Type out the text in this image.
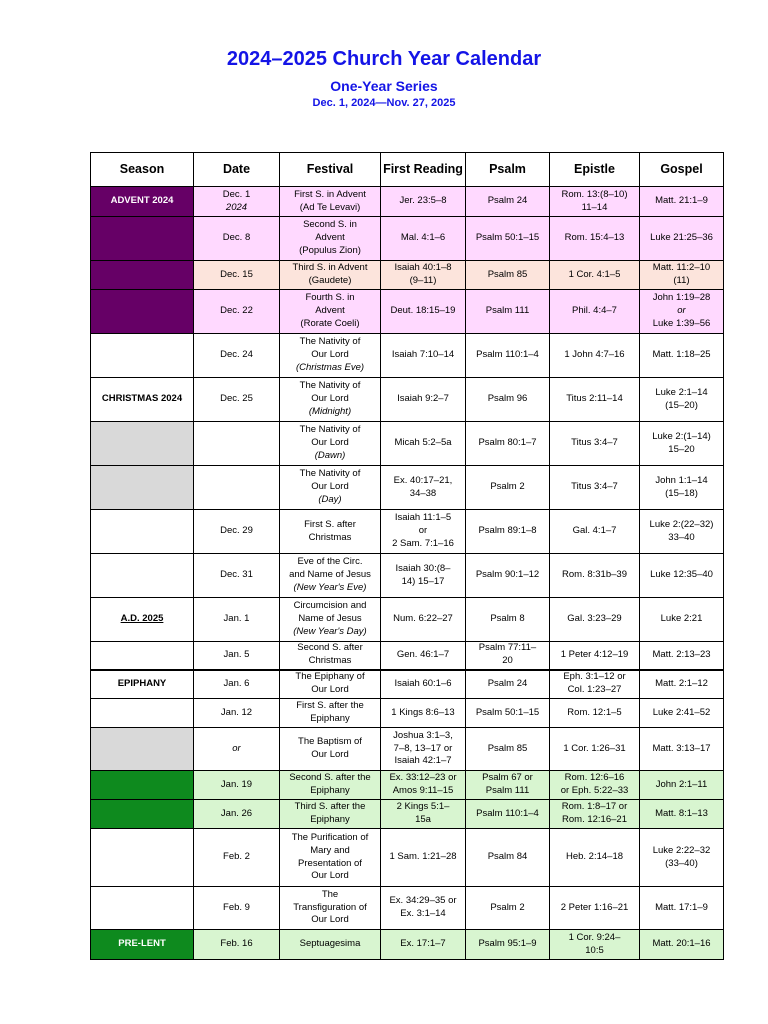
2024–2025 Church Year Calendar
One-Year Series
Dec. 1, 2024—Nov. 27, 2025
Season	Date	Festival	First Reading	Psalm	Epistle	Gospel
ADVENT 2024	Dec. 1
2024	First S. in Advent
(Ad Te Levavi)	Jer. 23:5–8	Psalm 24	Rom. 13:(8–10)
11–14	Matt. 21:1–9

	Dec. 8	Second S. in
Advent
(Populus Zion)	Mal. 4:1–6	Psalm 50:1–15	Rom. 15:4–13	Luke 21:25–36

	Dec. 15	Third S. in Advent
(Gaudete)	Isaiah 40:1–8
(9–11)	Psalm 85	1 Cor. 4:1–5	Matt. 11:2–10
(11)

	Dec. 22	Fourth S. in
Advent
(Rorate Coeli)	Deut. 18:15–19	Psalm 111	Phil. 4:4–7	John 1:19–28
or
Luke 1:39–56

	Dec. 24	The Nativity of
Our Lord
(Christmas Eve)	Isaiah 7:10–14	Psalm 110:1–4	1 John 4:7–16	Matt. 1:18–25

CHRISTMAS 2024	Dec. 25	The Nativity of
Our Lord
(Midnight)	Isaiah 9:2–7	Psalm 96	Titus 2:11–14	Luke 2:1–14
(15–20)

		The Nativity of
Our Lord
(Dawn)	Micah 5:2–5a	Psalm 80:1–7	Titus 3:4–7	Luke 2:(1–14)
15–20

		The Nativity of
Our Lord
(Day)	Ex. 40:17–21,
34–38	Psalm 2	Titus 3:4–7	John 1:1–14
(15–18)

	Dec. 29	First S. after
Christmas	Isaiah 11:1–5
or
2 Sam. 7:1–16	Psalm 89:1–8	Gal. 4:1–7	Luke 2:(22–32)
33–40

	Dec. 31	Eve of the Circ.
and Name of Jesus
(New Year's Eve)	Isaiah 30:(8–
14) 15–17	Psalm 90:1–12	Rom. 8:31b–39	Luke 12:35–40

A.D. 2025	Jan. 1	Circumcision and
Name of Jesus
(New Year's Day)	Num. 6:22–27	Psalm 8	Gal. 3:23–29	Luke 2:21

	Jan. 5	Second S. after
Christmas	Gen. 46:1–7	Psalm 77:11–
20	1 Peter 4:12–19	Matt. 2:13–23

EPIPHANY	Jan. 6	The Epiphany of
Our Lord	Isaiah 60:1–6	Psalm 24	Eph. 3:1–12 or
Col. 1:23–27	Matt. 2:1–12

	Jan. 12	First S. after the
Epiphany	1 Kings 8:6–13	Psalm 50:1–15	Rom. 12:1–5	Luke 2:41–52

	or	The Baptism of
Our Lord	Joshua 3:1–3,
7–8, 13–17 or
Isaiah 42:1–7	Psalm 85	1 Cor. 1:26–31	Matt. 3:13–17

	Jan. 19	Second S. after the
Epiphany	Ex. 33:12–23 or
Amos 9:11–15	Psalm 67 or
Psalm 111	Rom. 12:6–16
or Eph. 5:22–33	John 2:1–11

	Jan. 26	Third S. after the
Epiphany	2 Kings 5:1–
15a	Psalm 110:1–4	Rom. 1:8–17 or
Rom. 12:16–21	Matt. 8:1–13

	Feb. 2	The Purification of
Mary and
Presentation of
Our Lord	1 Sam. 1:21–28	Psalm 84	Heb. 2:14–18	Luke 2:22–32
(33–40)

	Feb. 9	The
Transfiguration of
Our Lord	Ex. 34:29–35 or
Ex. 3:1–14	Psalm 2	2 Peter 1:16–21	Matt. 17:1–9

PRE-LENT	Feb. 16	Septuagesima	Ex. 17:1–7	Psalm 95:1–9	1 Cor. 9:24–
10:5	Matt. 20:1–16
